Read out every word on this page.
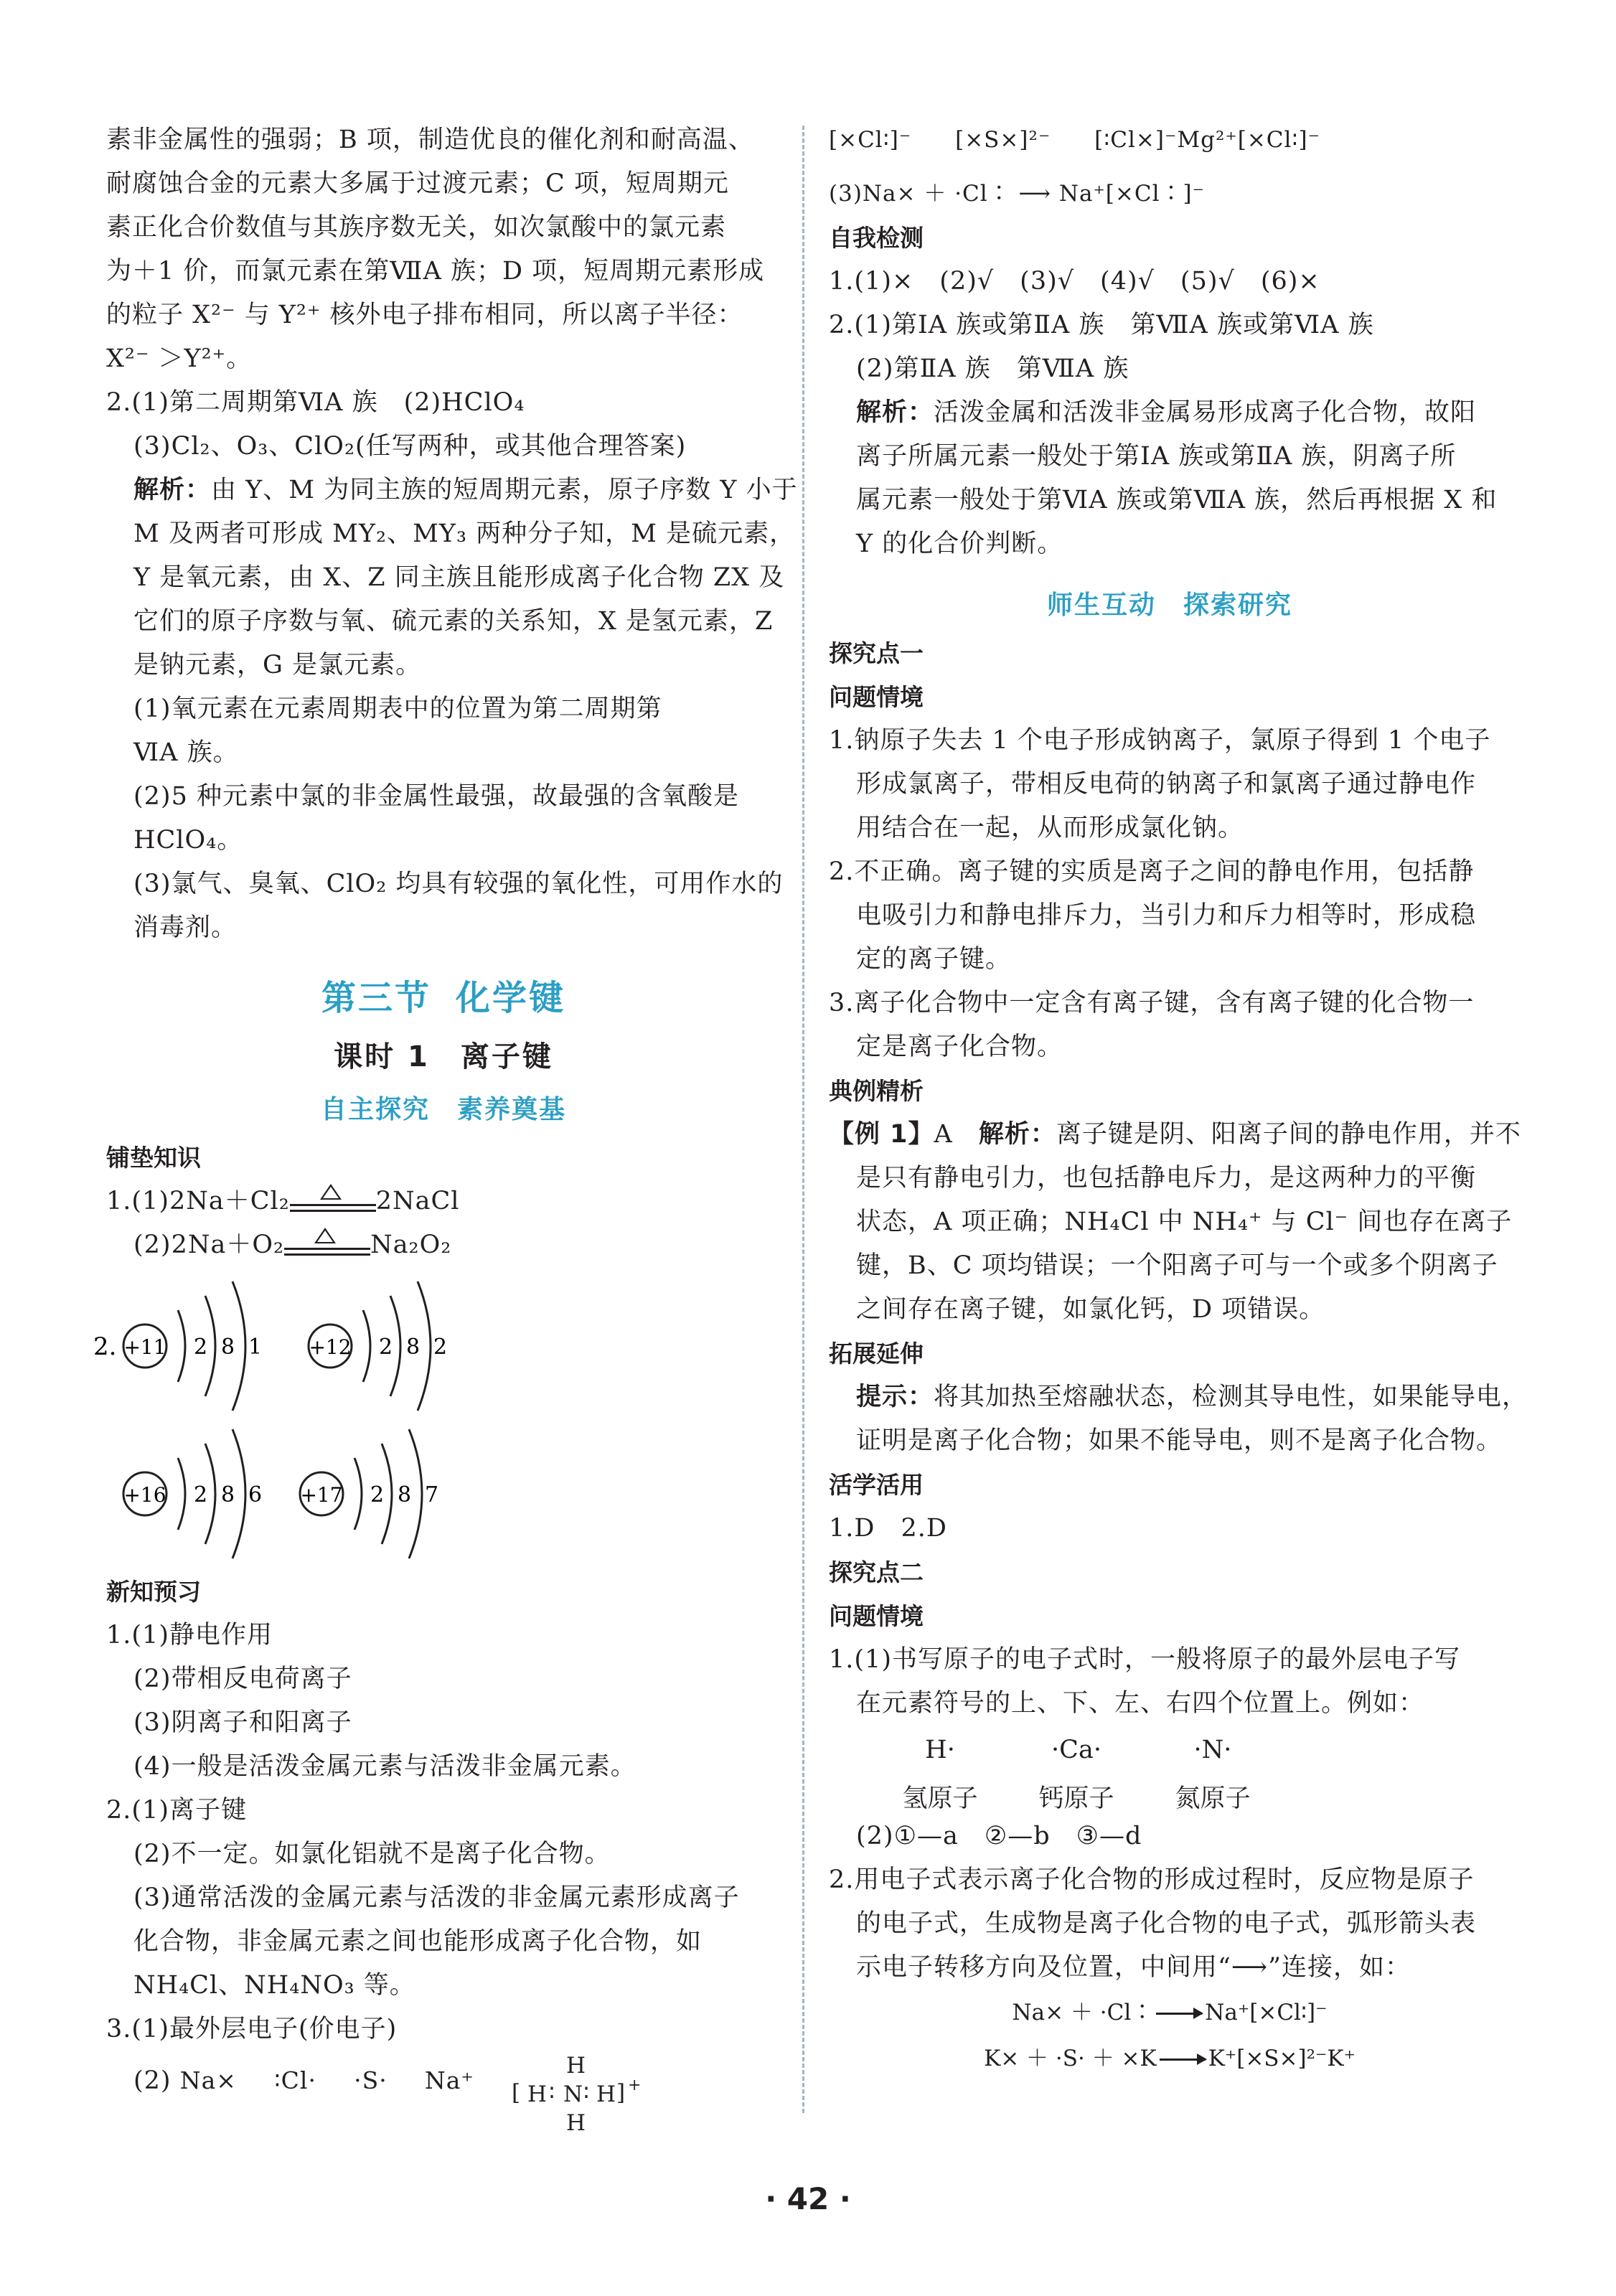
素非金属性的强弱；B 项，制造优良的催化剂和耐高温、

耐腐蚀合金的元素大多属于过渡元素；C 项，短周期元

素正化合价数值与其族序数无关，如次氯酸中的氯元素

为＋1 价，而氯元素在第ⅦA 族；D 项，短周期元素形成

的粒子 X²⁻ 与 Y²⁺ 核外电子排布相同，所以离子半径：

X²⁻ ＞Y²⁺。

2.(1)第二周期第ⅥA 族　(2)HClO₄

(3)Cl₂、O₃、ClO₂(任写两种，或其他合理答案)

解析：由 Y、M 为同主族的短周期元素，原子序数 Y 小于

M 及两者可形成 MY₂、MY₃ 两种分子知，M 是硫元素，

Y 是氧元素，由 X、Z 同主族且能形成离子化合物 ZX 及

它们的原子序数与氧、硫元素的关系知，X 是氢元素，Z

是钠元素，G 是氯元素。

(1)氧元素在元素周期表中的位置为第二周期第

ⅥA 族。

(2)5 种元素中氯的非金属性最强，故最强的含氧酸是

HClO₄。

(3)氯气、臭氧、ClO₂ 均具有较强的氧化性，可用作水的

消毒剂。

第三节 化学键
课时 1　离子键
自主探究　素养奠基

铺垫知识

1.(1)2Na＋Cl₂	2NaCl

(2)2Na＋O₂	Na₂O₂

2. +11 2 8 1 +12 2 8 2
+16 2 8 6 +17 2 8 7

新知预习

1.(1)静电作用

(2)带相反电荷离子

(3)阴离子和阳离子

(4)一般是活泼金属元素与活泼非金属元素。

2.(1)离子键

(2)不一定。如氯化铝就不是离子化合物。

(3)通常活泼的金属元素与活泼的非金属元素形成离子

化合物，非金属元素之间也能形成离子化合物，如

NH₄Cl、NH₄NO₃ 等。

3.(1)最外层电子(价电子)

(2) Na× ∶Cl· ·S· Na⁺ [ H ∶ N
H
H
∶ H ] +

[×Cl∶]⁻ [×S×]²⁻ [∶Cl×]⁻Mg²⁺[×Cl∶]⁻

(3)Na× ＋ ·Cl∶ ⟶ Na⁺[×Cl∶]⁻

自我检测

1.(1)×　(2)√　(3)√　(4)√　(5)√　(6)×

2.(1)第ⅠA 族或第ⅡA 族　第ⅦA 族或第ⅥA 族

(2)第ⅡA 族　第ⅦA 族

解析：活泼金属和活泼非金属易形成离子化合物，故阳

离子所属元素一般处于第ⅠA 族或第ⅡA 族，阴离子所

属元素一般处于第ⅥA 族或第ⅦA 族，然后再根据 X 和

Y 的化合价判断。

师生互动　探索研究

探究点一

问题情境

1.钠原子失去 1 个电子形成钠离子，氯原子得到 1 个电子

形成氯离子，带相反电荷的钠离子和氯离子通过静电作

用结合在一起，从而形成氯化钠。

2.不正确。离子键的实质是离子之间的静电作用，包括静

电吸引力和静电排斥力，当引力和斥力相等时，形成稳

定的离子键。

3.离子化合物中一定含有离子键，含有离子键的化合物一

定是离子化合物。

典例精析

【例 1】A　 解析：离子键是阴、阳离子间的静电作用，并不

是只有静电引力，也包括静电斥力，是这两种力的平衡

状态，A 项正确；NH₄Cl 中 NH₄⁺ 与 Cl⁻ 间也存在离子

键，B、C 项均错误；一个阳离子可与一个或多个阴离子

之间存在离子键，如氯化钙，D 项错误。

拓展延伸

提示：将其加热至熔融状态，检测其导电性，如果能导电，

证明是离子化合物；如果不能导电，则不是离子化合物。

活学活用

1.D　2.D

探究点二

问题情境

1.(1)书写原子的电子式时，一般将原子的最外层电子写

在元素符号的上、下、左、右四个位置上。例如：

H·	·Ca·	·N·
氢原子	钙原子	氮原子

(2)①—a　②—b　③—d

2.用电子式表示离子化合物的形成过程时，反应物是原子

的电子式，生成物是离子化合物的电子式，弧形箭头表

示电子转移方向及位置，中间用“⟶”连接，如：

Na× ＋ ·Cl∶ → Na⁺[×Cl∶]⁻

K× ＋ ·S· ＋ ×K → K⁺[×S×]²⁻K⁺

· 42 ·
